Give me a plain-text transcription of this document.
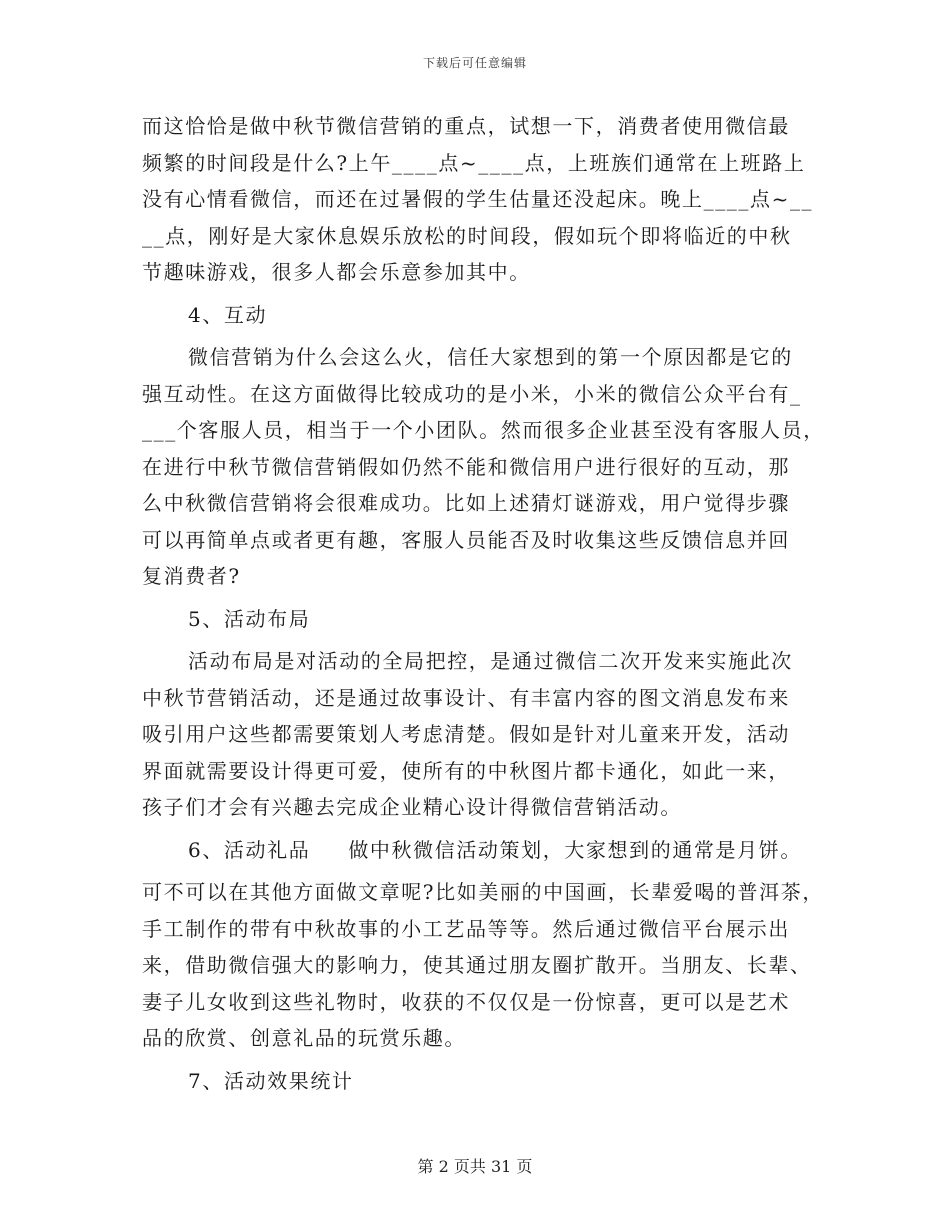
下载后可任意编辑
而这恰恰是做中秋节微信营销的重点，试想一下，消费者使用微信最
频繁的时间段是什么?上午____点~____点，上班族们通常在上班路上
没有心情看微信，而还在过暑假的学生估量还没起床。晚上____点~__
__点，刚好是大家休息娱乐放松的时间段，假如玩个即将临近的中秋
节趣味游戏，很多人都会乐意参加其中。
4、互动
微信营销为什么会这么火，信任大家想到的第一个原因都是它的
强互动性。在这方面做得比较成功的是小米，小米的微信公众平台有_
___个客服人员，相当于一个小团队。然而很多企业甚至没有客服人员，
在进行中秋节微信营销假如仍然不能和微信用户进行很好的互动，那
么中秋微信营销将会很难成功。比如上述猜灯谜游戏，用户觉得步骤
可以再简单点或者更有趣，客服人员能否及时收集这些反馈信息并回
复消费者?
5、活动布局
活动布局是对活动的全局把控，是通过微信二次开发来实施此次
中秋节营销活动，还是通过故事设计、有丰富内容的图文消息发布来
吸引用户这些都需要策划人考虑清楚。假如是针对儿童来开发，活动
界面就需要设计得更可爱，使所有的中秋图片都卡通化，如此一来，
孩子们才会有兴趣去完成企业精心设计得微信营销活动。
6、活动礼品 做中秋微信活动策划，大家想到的通常是月饼。
可不可以在其他方面做文章呢?比如美丽的中国画，长辈爱喝的普洱茶，
手工制作的带有中秋故事的小工艺品等等。然后通过微信平台展示出
来，借助微信强大的影响力，使其通过朋友圈扩散开。当朋友、长辈、
妻子儿女收到这些礼物时，收获的不仅仅是一份惊喜，更可以是艺术
品的欣赏、创意礼品的玩赏乐趣。
7、活动效果统计
第 2 页共 31 页
